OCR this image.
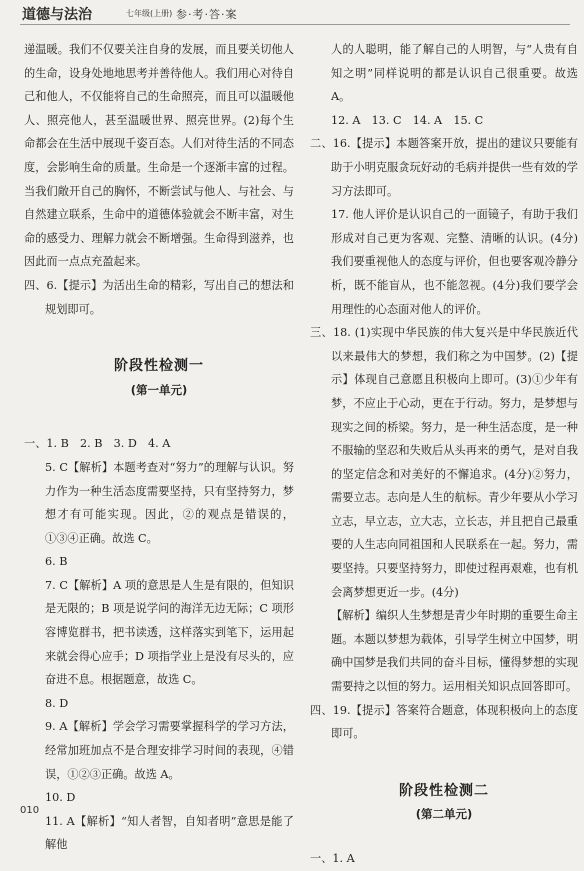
道德与法治	七年级(上册) 参·考·答·案

递温暖。我们不仅要关注自身的发展，而且要关切他人的生命，设身处地地思考并善待他人。我们用心对待自己和他人，不仅能将自己的生命照亮，而且可以温暖他人、照亮他人，甚至温暖世界、照亮世界。(2)每个生命都会在生活中展现千姿百态。人们对待生活的不同态度，会影响生命的质量。生命是一个逐渐丰富的过程。当我们敞开自己的胸怀，不断尝试与他人、与社会、与自然建立联系，生命中的道德体验就会不断丰富，对生命的感受力、理解力就会不断增强。生命得到滋养，也因此而一点点充盈起来。

四、6.【提示】为活出生命的精彩，写出自己的想法和规划即可。

阶段性检测一

(第一单元)

一、1. B　2. B　3. D　4. A

5. C【解析】本题考查对“努力”的理解与认识。努力作为一种生活态度需要坚持，只有坚持努力，梦想才有可能实现。因此，②的观点是错误的，①③④正确。故选 C。

6. B

7. C【解析】A 项的意思是人生是有限的，但知识是无限的；B 项是说学问的海洋无边无际；C 项形容博览群书，把书读透，这样落实到笔下，运用起来就会得心应手；D 项指学业上是没有尽头的，应奋进不息。根据题意，故选 C。

8. D

9. A【解析】学会学习需要掌握科学的学习方法，经常加班加点不是合理安排学习时间的表现，④错误，①②③正确。故选 A。

10. D

11. A【解析】“知人者智，自知者明”意思是能了解他

人的人聪明，能了解自己的人明智，与“人贵有自知之明”同样说明的都是认识自己很重要。故选 A。

12. A　13. C　14. A　15. C

二、16.【提示】本题答案开放，提出的建议只要能有助于小明克服贪玩好动的毛病并提供一些有效的学习方法即可。

17. 他人评价是认识自己的一面镜子，有助于我们形成对自己更为客观、完整、清晰的认识。(4分)我们要重视他人的态度与评价，但也要客观冷静分析，既不能盲从，也不能忽视。(4分)我们要学会用理性的心态面对他人的评价。

三、18. (1)实现中华民族的伟大复兴是中华民族近代以来最伟大的梦想，我们称之为中国梦。(2)【提示】体现自己意愿且积极向上即可。(3)①少年有梦，不应止于心动，更在于行动。努力，是梦想与现实之间的桥梁。努力，是一种生活态度，是一种不服输的坚忍和失败后从头再来的勇气，是对自我的坚定信念和对美好的不懈追求。(4分)②努力，需要立志。志向是人生的航标。青少年要从小学习立志，早立志，立大志，立长志，并且把自己最重要的人生志向同祖国和人民联系在一起。努力，需要坚持。只要坚持努力，即使过程再艰难，也有机会离梦想更近一步。(4分)

【解析】编织人生梦想是青少年时期的重要生命主题。本题以梦想为载体，引导学生树立中国梦，明确中国梦是我们共同的奋斗目标，懂得梦想的实现需要持之以恒的努力。运用相关知识点回答即可。

四、19.【提示】答案符合题意，体现积极向上的态度即可。

阶段性检测二

(第二单元)

一、1. A

010
